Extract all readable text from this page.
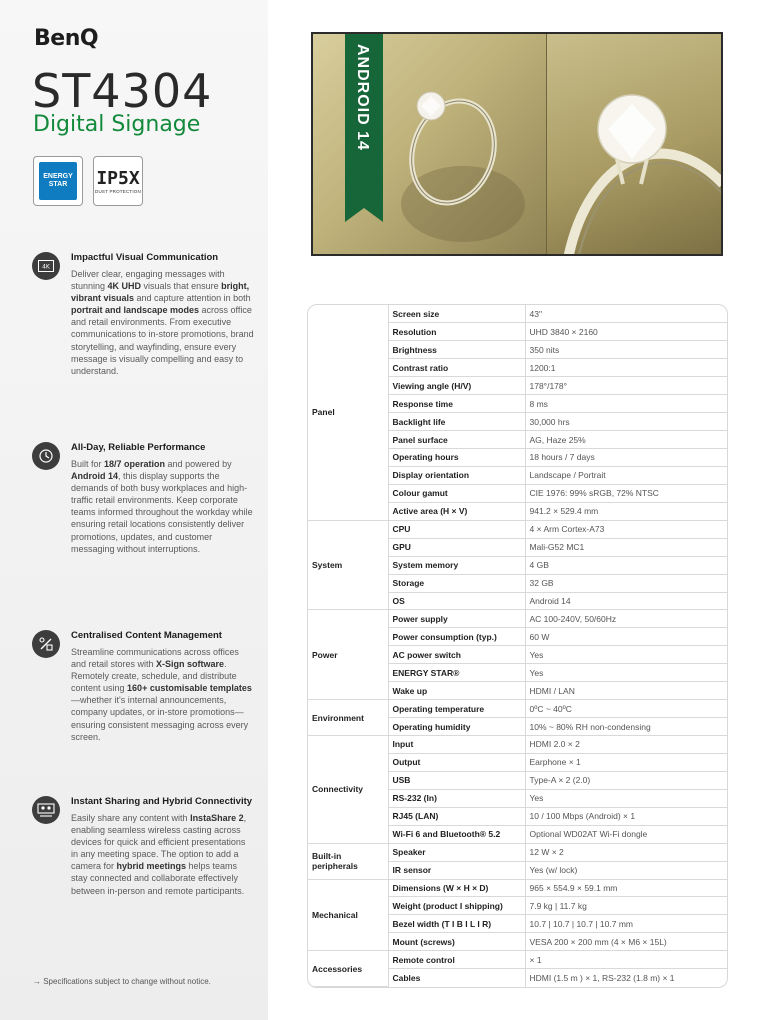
BenQ
ST4304
Digital Signage
ENERGY STAR	IP5X
DUST PROTECTION
4K
Impactful Visual Communication
Deliver clear, engaging messages with stunning 4K UHD visuals that ensure bright, vibrant visuals and capture attention in both portrait and landscape modes across office and retail environments. From executive communications to in-store promotions, brand storytelling, and wayfinding, ensure every message is visually compelling and easy to understand.
All-Day, Reliable Performance
Built for 18/7 operation and powered by Android 14, this display supports the demands of both busy workplaces and high-traffic retail environments. Keep corporate teams informed throughout the workday while ensuring retail locations consistently deliver promotions, updates, and customer messaging without interruptions.
Centralised Content Management
Streamline communications across offices and retail stores with X-Sign software. Remotely create, schedule, and distribute content using 160+ customisable templates—whether it's internal announcements, company updates, or in-store promotions—ensuring consistent messaging across every screen.
Instant Sharing and Hybrid Connectivity
Easily share any content with InstaShare 2, enabling seamless wireless casting across devices for quick and efficient presentations in any meeting space. The option to add a camera for hybrid meetings helps teams stay connected and collaborate effectively between in-person and remote participants.
→ Specifications subject to change without notice.
ANDROID 14
Panel	Screen size	43"
	Resolution	UHD 3840 × 2160
	Brightness	350 nits
	Contrast ratio	1200:1
	Viewing angle (H/V)	178°/178°
	Response time	8 ms
	Backlight life	30,000 hrs
	Panel surface	AG, Haze 25%
	Operating hours	18 hours / 7 days
	Display orientation	Landscape / Portrait
	Colour gamut	CIE 1976: 99% sRGB, 72% NTSC
	Active area (H × V)	941.2 × 529.4 mm
System	CPU	4 × Arm Cortex-A73
	GPU	Mali-G52 MC1
	System memory	4 GB
	Storage	32 GB
	OS	Android 14
Power	Power supply	AC 100-240V, 50/60Hz
	Power consumption (typ.)	60 W
	AC power switch	Yes
	ENERGY STAR®	Yes
	Wake up	HDMI / LAN
Environment	Operating temperature	0ºC ~ 40ºC
	Operating humidity	10% ~ 80% RH non-condensing
Connectivity	Input	HDMI 2.0 × 2
	Output	Earphone × 1
	USB	Type-A × 2 (2.0)
	RS-232 (In)	Yes
	RJ45 (LAN)	10 / 100 Mbps (Android) × 1
	Wi-Fi 6 and Bluetooth® 5.2	Optional WD02AT Wi-Fi dongle
Built-in peripherals	Speaker	12 W × 2
	IR sensor	Yes (w/ lock)
Mechanical	Dimensions (W × H × D)	965 × 554.9 × 59.1 mm
	Weight (product I shipping)	7.9 kg | 11.7 kg
	Bezel width (T I B I L I R)	10.7 | 10.7 | 10.7 | 10.7 mm
	Mount (screws)	VESA 200 × 200 mm (4 × M6 × 15L)
Accessories	Remote control	× 1
	Cables	HDMI (1.5 m ) × 1, RS-232 (1.8 m) × 1
